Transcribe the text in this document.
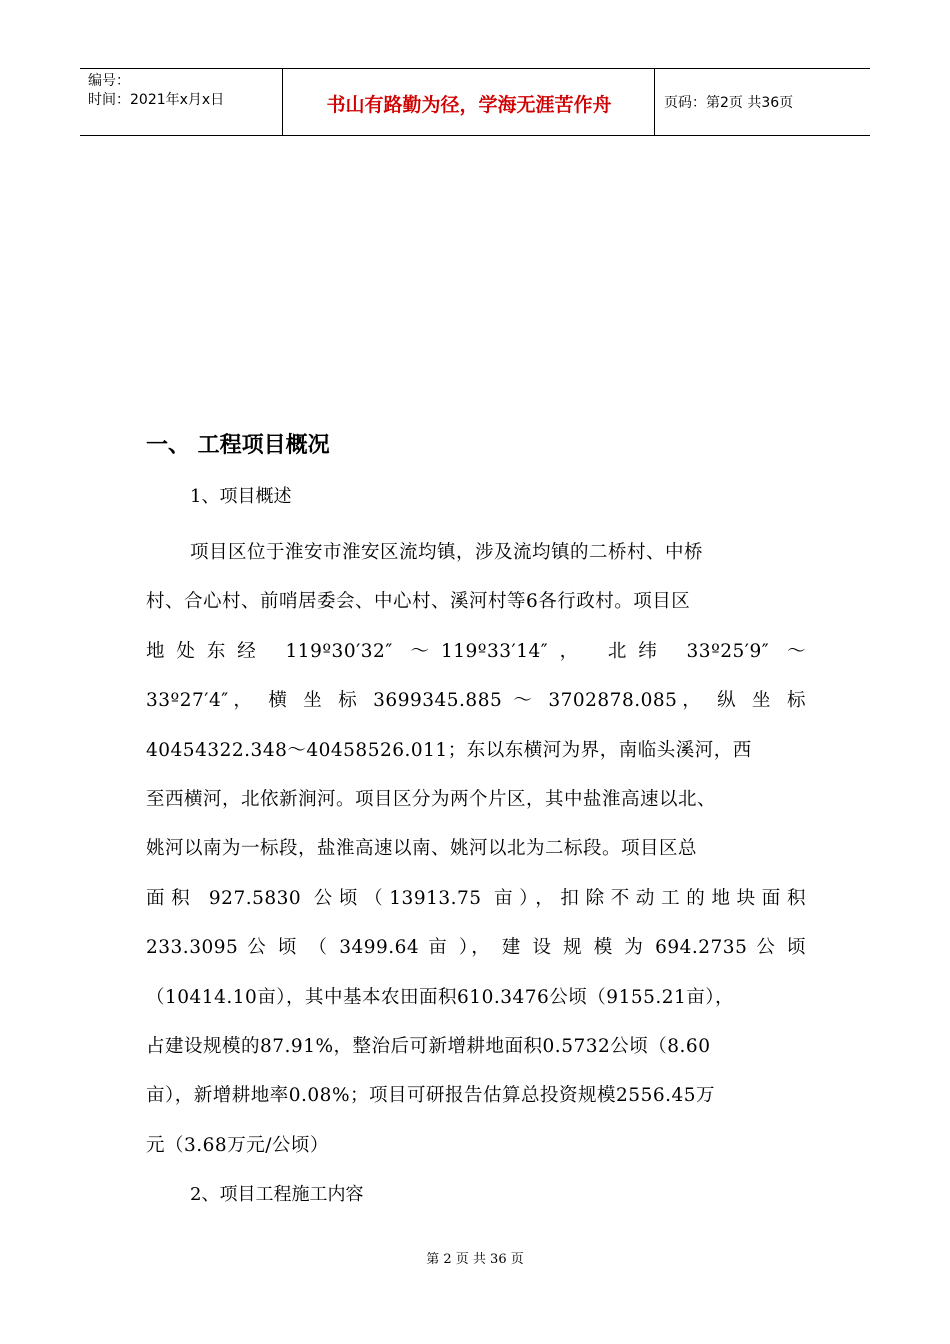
编号：
时间：2021年x月x日	书山有路勤为径，学海无涯苦作舟	页码：第2页 共36页
一、 工程项目概况
1、项目概述
项目区位于淮安市淮安区流均镇，涉及流均镇的二桥村、中桥
村、合心村、前哨居委会、中心村、溪河村等6各行政村。项目区
地处东经 119º30′32″ ～119º33′14″， 北纬 33º25′9″ ～
33º27′4″， 横 坐 标 3699345.885 ～ 3702878.085， 纵 坐 标
40454322.348～40458526.011；东以东横河为界，南临头溪河，西
至西横河，北依新涧河。项目区分为两个片区，其中盐淮高速以北、
姚河以南为一标段，盐淮高速以南、姚河以北为二标段。项目区总
面积 927.5830 公顷（13913.75 亩），扣除不动工的地块面积
233.3095 公 顷 （ 3499.64 亩 ）， 建 设 规 模 为 694.2735 公 顷
（10414.10亩），其中基本农田面积610.3476公顷（9155.21亩），
占建设规模的87.91%，整治后可新增耕地面积0.5732公顷（8.60
亩），新增耕地率0.08%；项目可研报告估算总投资规模2556.45万
元（3.68万元/公顷）
2、项目工程施工内容
第 2 页 共 36 页
